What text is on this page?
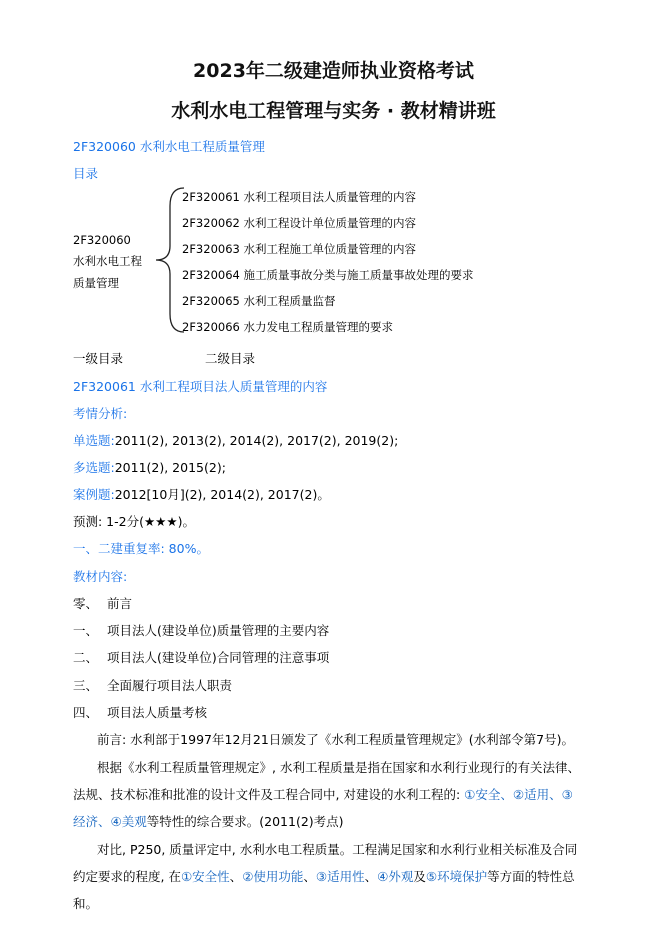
2023年二级建造师执业资格考试
水利水电工程管理与实务 · 教材精讲班
2F320060 水利水电工程质量管理
目录
2F320060
水利水电工程
质量管理
2F320061 水利工程项目法人质量管理的内容
2F320062 水利工程设计单位质量管理的内容
2F320063 水利工程施工单位质量管理的内容
2F320064 施工质量事故分类与施工质量事故处理的要求
2F320065 水利工程质量监督
2F320066 水力发电工程质量管理的要求
一级目录	二级目录
2F320061 水利工程项目法人质量管理的内容
考情分析:
单选题:2011(2), 2013(2), 2014(2), 2017(2), 2019(2);
多选题:2011(2), 2015(2);
案例题:2012[10月](2), 2014(2), 2017(2)。
预测: 1-2分(★★★)。
一、二建重复率: 80%。
教材内容:
零、 前言
一、 项目法人(建设单位)质量管理的主要内容
二、 项目法人(建设单位)合同管理的注意事项
三、 全面履行项目法人职责
四、 项目法人质量考核
前言: 水利部于1997年12月21日颁发了《水利工程质量管理规定》(水利部令第7号)。
根据《水利工程质量管理规定》, 水利工程质量是指在国家和水利行业现行的有关法律、
法规、技术标准和批准的设计文件及工程合同中, 对建设的水利工程的: ①安全、②适用、③
经济、④美观等特性的综合要求。(2011(2)考点)
对比, P250, 质量评定中, 水利水电工程质量。工程满足国家和水利行业相关标准及合同
约定要求的程度, 在①安全性、②使用功能、③适用性、④外观及⑤环境保护等方面的特性总
和。
